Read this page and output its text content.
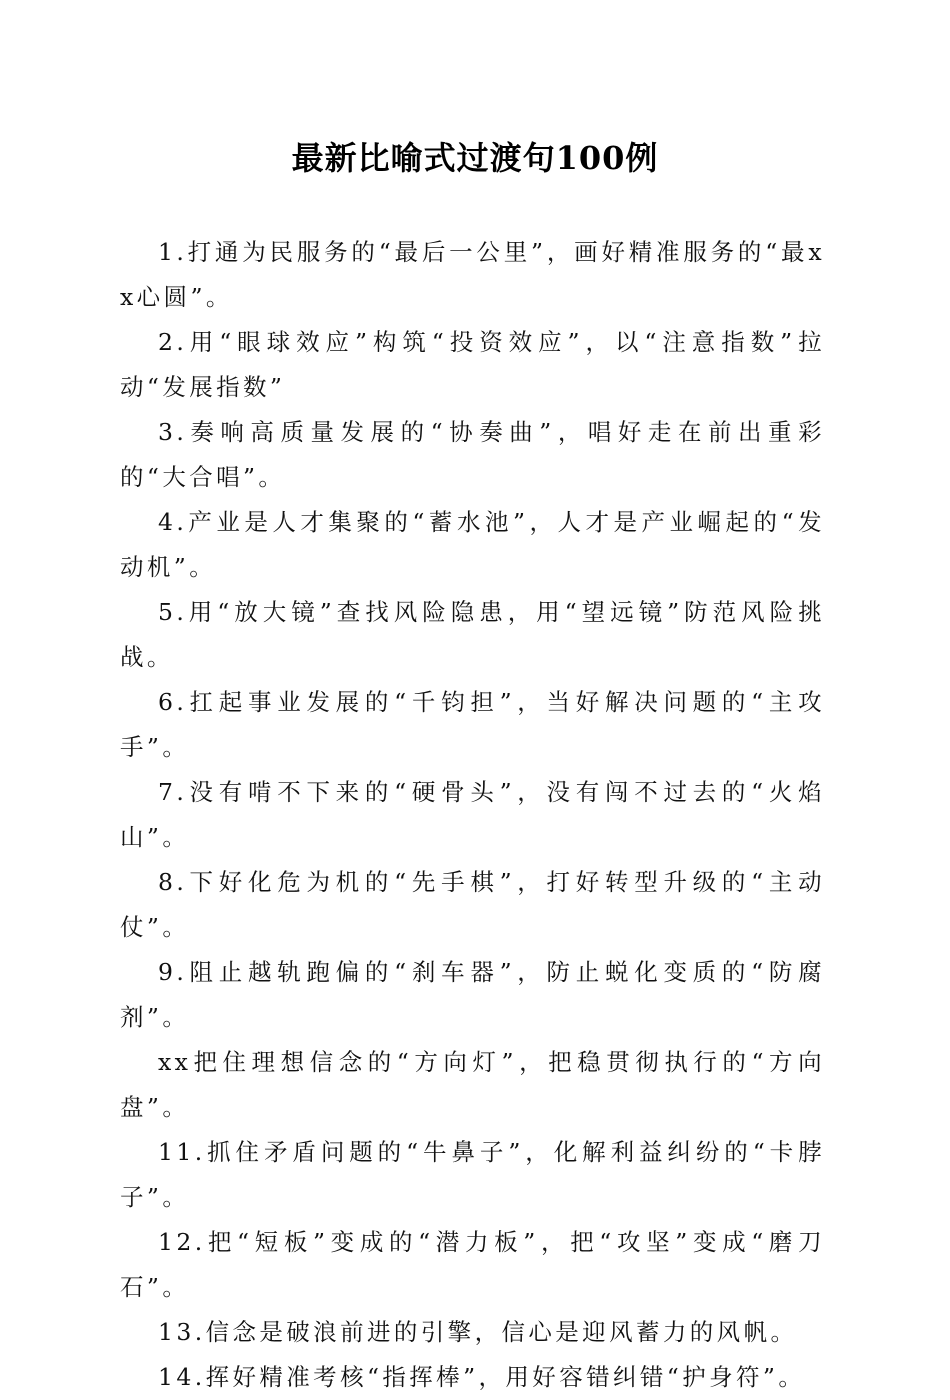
最新比喻式过渡句100例

1.打通为民服务的“最后一公里”，画好精准服务的“最xx心圆”。

2.用“眼球效应”构筑“投资效应”，以“注意指数”拉动“发展指数”

3.奏响高质量发展的“协奏曲”，唱好走在前出重彩的“大合唱”。

4.产业是人才集聚的“蓄水池”，人才是产业崛起的“发动机”。

5.用“放大镜”查找风险隐患，用“望远镜”防范风险挑战。

6.扛起事业发展的“千钧担”，当好解决问题的“主攻手”。

7.没有啃不下来的“硬骨头”，没有闯不过去的“火焰山”。

8.下好化危为机的“先手棋”，打好转型升级的“主动仗”。

9.阻止越轨跑偏的“刹车器”，防止蜕化变质的“防腐剂”。

xx把住理想信念的“方向灯”，把稳贯彻执行的“方向盘”。

11.抓住矛盾问题的“牛鼻子”，化解利益纠纷的“卡脖子”。

12.把“短板”变成的“潜力板”，把“攻坚”变成“磨刀石”。

13.信念是破浪前进的引擎，信心是迎风蓄力的风帆。

14.挥好精准考核“指挥棒”，用好容错纠错“护身符”。
